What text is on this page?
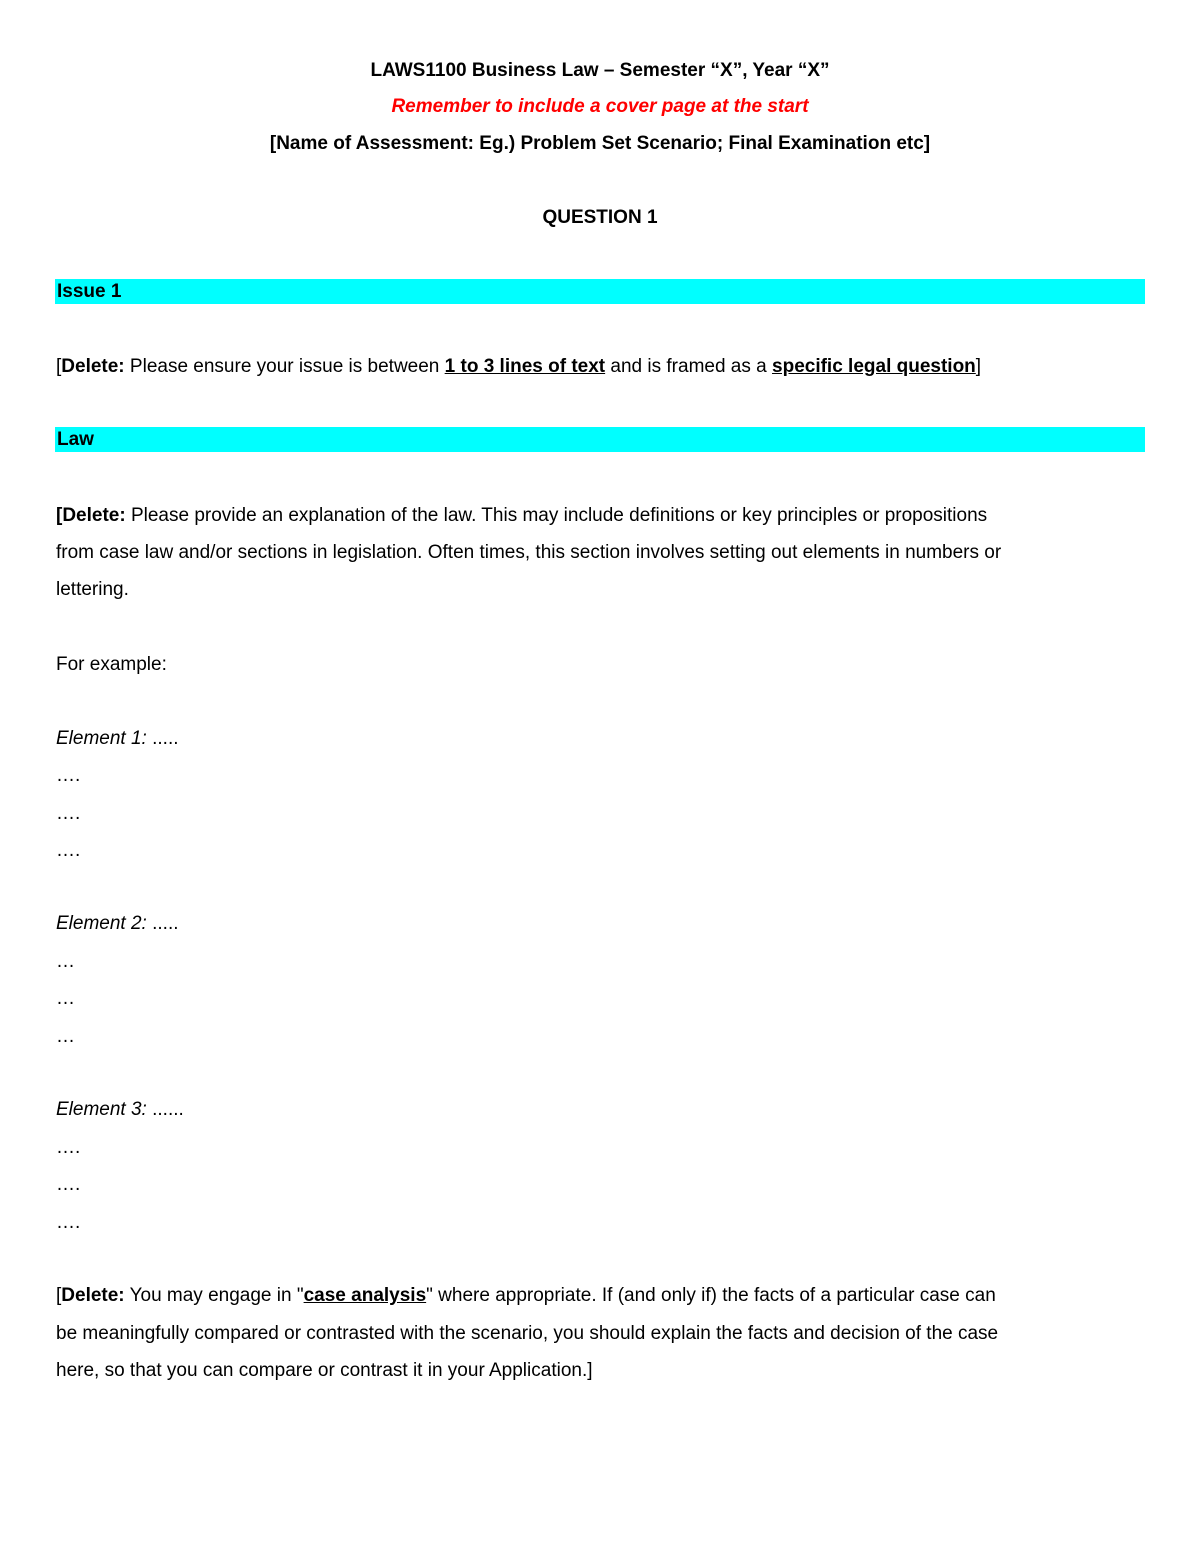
LAWS1100 Business Law – Semester “X”, Year “X”
Remember to include a cover page at the start
[Name of Assessment: Eg.) Problem Set Scenario; Final Examination etc]
QUESTION 1
Issue 1
[Delete: Please ensure your issue is between 1 to 3 lines of text and is framed as a specific legal question]
Law
[Delete: Please provide an explanation of the law. This may include definitions or key principles or propositions
from case law and/or sections in legislation. Often times, this section involves setting out elements in numbers or
lettering.
For example:
Element 1: .....
….
….
….
Element 2: .....
…
…
…
Element 3: ......
….
….
….
[Delete: You may engage in "case analysis" where appropriate. If (and only if) the facts of a particular case can
be meaningfully compared or contrasted with the scenario, you should explain the facts and decision of the case
here, so that you can compare or contrast it in your Application.]
